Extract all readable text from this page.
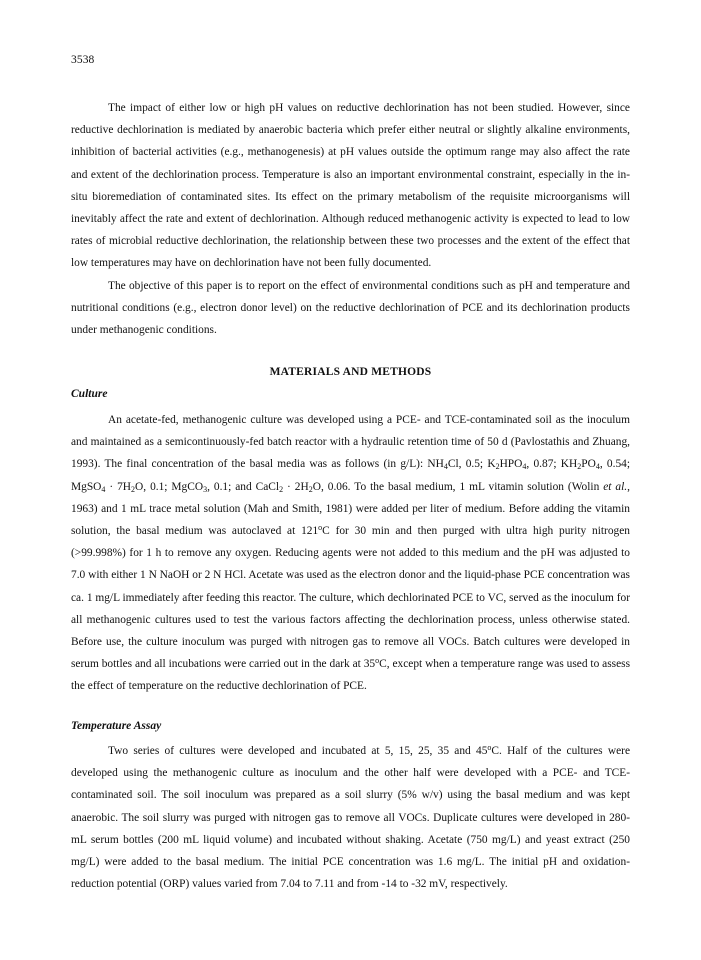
3538

The impact of either low or high pH values on reductive dechlorination has not been studied. However, since reductive dechlorination is mediated by anaerobic bacteria which prefer either neutral or slightly alkaline environments, inhibition of bacterial activities (e.g., methanogenesis) at pH values outside the optimum range may also affect the rate and extent of the dechlorination process. Temperature is also an important environmental constraint, especially in the in-situ bioremediation of contaminated sites. Its effect on the primary metabolism of the requisite microorganisms will inevitably affect the rate and extent of dechlorination. Although reduced methanogenic activity is expected to lead to low rates of microbial reductive dechlorination, the relationship between these two processes and the extent of the effect that low temperatures may have on dechlorination have not been fully documented.

The objective of this paper is to report on the effect of environmental conditions such as pH and temperature and nutritional conditions (e.g., electron donor level) on the reductive dechlorination of PCE and its dechlorination products under methanogenic conditions.

MATERIALS AND METHODS
Culture

An acetate-fed, methanogenic culture was developed using a PCE- and TCE-contaminated soil as the inoculum and maintained as a semicontinuously-fed batch reactor with a hydraulic retention time of 50 d (Pavlostathis and Zhuang, 1993). The final concentration of the basal media was as follows (in g/L): $NH_4Cl$, 0.5; $K_2HPO_4$, 0.87; $KH_2PO_4$, 0.54; MgSO$_4$ · $7H_2O$, 0.1; MgCO$_3$, 0.1; and CaCl$_2$ · $2H_2O$, 0.06. To the basal medium, 1 mL vitamin solution (Wolin et al., 1963) and 1 mL trace metal solution (Mah and Smith, 1981) were added per liter of medium. Before adding the vitamin solution, the basal medium was autoclaved at 121$^o$C for 30 min and then purged with ultra high purity nitrogen (>99.998%) for 1 h to remove any oxygen. Reducing agents were not added to this medium and the pH was adjusted to 7.0 with either 1 N NaOH or 2 N HCl. Acetate was used as the electron donor and the liquid-phase PCE concentration was ca. 1 mg/L immediately after feeding this reactor. The culture, which dechlorinated PCE to VC, served as the inoculum for all methanogenic cultures used to test the various factors affecting the dechlorination process, unless otherwise stated. Before use, the culture inoculum was purged with nitrogen gas to remove all VOCs. Batch cultures were developed in serum bottles and all incubations were carried out in the dark at 35$^o$C, except when a temperature range was used to assess the effect of temperature on the reductive dechlorination of PCE.

Temperature Assay

Two series of cultures were developed and incubated at 5, 15, 25, 35 and 45$^o$C. Half of the cultures were developed using the methanogenic culture as inoculum and the other half were developed with a PCE- and TCE-contaminated soil. The soil inoculum was prepared as a soil slurry (5% w/v) using the basal medium and was kept anaerobic. The soil slurry was purged with nitrogen gas to remove all VOCs. Duplicate cultures were developed in 280-mL serum bottles (200 mL liquid volume) and incubated without shaking. Acetate (750 mg/L) and yeast extract (250 mg/L) were added to the basal medium. The initial PCE concentration was 1.6 mg/L. The initial pH and oxidation-reduction potential (ORP) values varied from 7.04 to 7.11 and from -14 to -32 mV, respectively.
